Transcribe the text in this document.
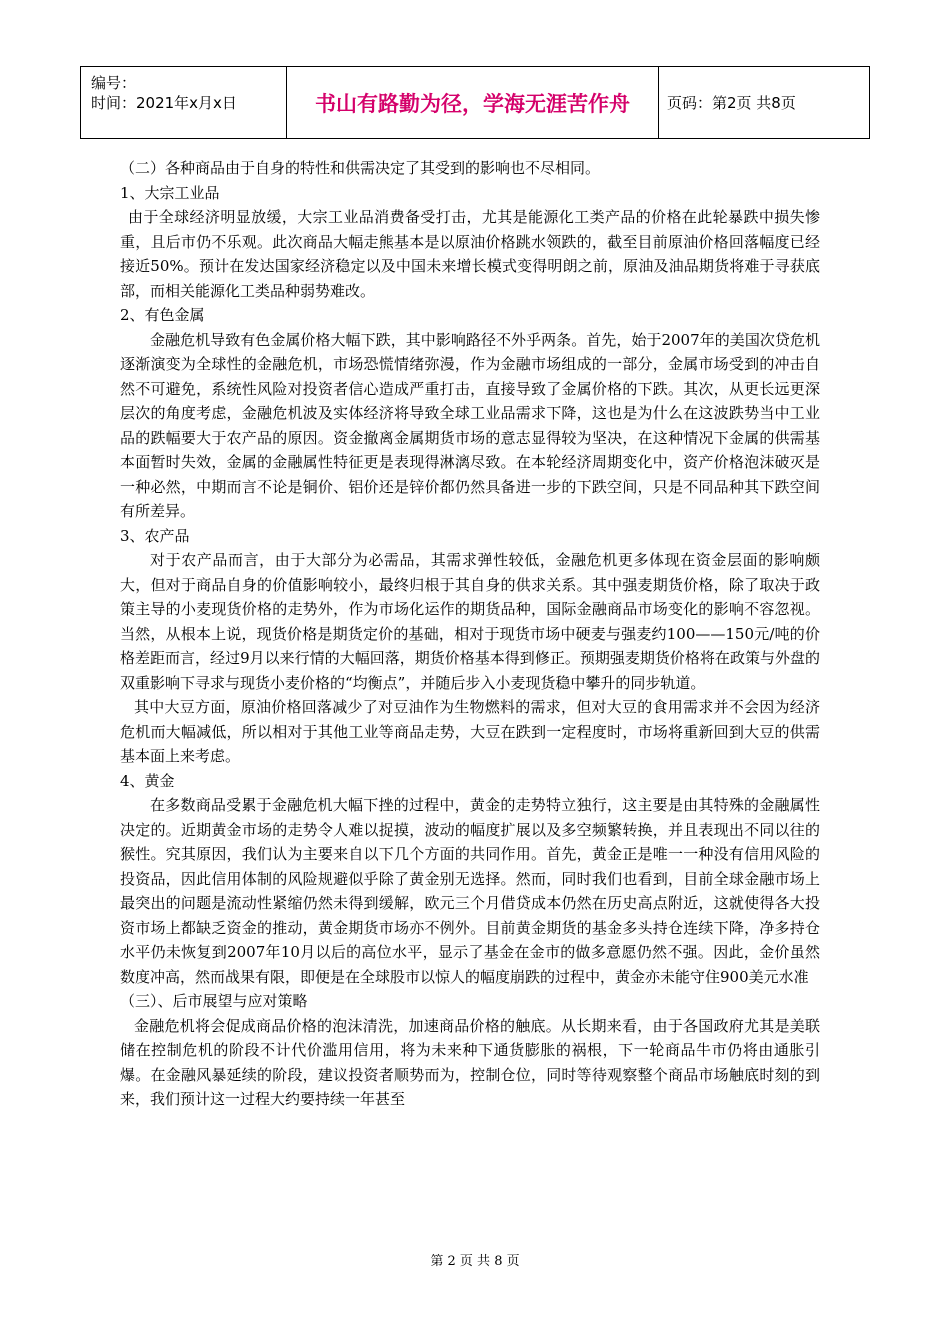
编号：
时间：2021年x月x日	书山有路勤为径，学海无涯苦作舟	页码：第2页 共8页

（二）各种商品由于自身的特性和供需决定了其受到的影响也不尽相同。

1、大宗工业品

由于全球经济明显放缓，大宗工业品消费备受打击，尤其是能源化工类产品的价格在此轮暴跌中损失惨重，且后市仍不乐观。此次商品大幅走熊基本是以原油价格跳水领跌的，截至目前原油价格回落幅度已经接近50%。预计在发达国家经济稳定以及中国未来增长模式变得明朗之前，原油及油品期货将难于寻获底部，而相关能源化工类品种弱势难改。

2、有色金属

金融危机导致有色金属价格大幅下跌，其中影响路径不外乎两条。首先，始于2007年的美国次贷危机逐渐演变为全球性的金融危机，市场恐慌情绪弥漫，作为金融市场组成的一部分，金属市场受到的冲击自然不可避免，系统性风险对投资者信心造成严重打击，直接导致了金属价格的下跌。其次，从更长远更深层次的角度考虑，金融危机波及实体经济将导致全球工业品需求下降，这也是为什么在这波跌势当中工业品的跌幅要大于农产品的原因。资金撤离金属期货市场的意志显得较为坚决，在这种情况下金属的供需基本面暂时失效，金属的金融属性特征更是表现得淋漓尽致。在本轮经济周期变化中，资产价格泡沫破灭是一种必然，中期而言不论是铜价、铝价还是锌价都仍然具备进一步的下跌空间，只是不同品种其下跌空间有所差异。

3、农产品

对于农产品而言，由于大部分为必需品，其需求弹性较低，金融危机更多体现在资金层面的影响颇大，但对于商品自身的价值影响较小，最终归根于其自身的供求关系。其中强麦期货价格，除了取决于政策主导的小麦现货价格的走势外，作为市场化运作的期货品种，国际金融商品市场变化的影响不容忽视。当然，从根本上说，现货价格是期货定价的基础，相对于现货市场中硬麦与强麦约100——150元/吨的价格差距而言，经过9月以来行情的大幅回落，期货价格基本得到修正。预期强麦期货价格将在政策与外盘的双重影响下寻求与现货小麦价格的“均衡点”，并随后步入小麦现货稳中攀升的同步轨道。

其中大豆方面，原油价格回落减少了对豆油作为生物燃料的需求，但对大豆的食用需求并不会因为经济危机而大幅减低，所以相对于其他工业等商品走势，大豆在跌到一定程度时，市场将重新回到大豆的供需基本面上来考虑。

4、黄金

在多数商品受累于金融危机大幅下挫的过程中，黄金的走势特立独行，这主要是由其特殊的金融属性决定的。近期黄金市场的走势令人难以捉摸，波动的幅度扩展以及多空频繁转换，并且表现出不同以往的猴性。究其原因，我们认为主要来自以下几个方面的共同作用。首先，黄金正是唯一一种没有信用风险的投资品，因此信用体制的风险规避似乎除了黄金别无选择。然而，同时我们也看到，目前全球金融市场上最突出的问题是流动性紧缩仍然未得到缓解，欧元三个月借贷成本仍然在历史高点附近，这就使得各大投资市场上都缺乏资金的推动，黄金期货市场亦不例外。目前黄金期货的基金多头持仓连续下降，净多持仓水平仍未恢复到2007年10月以后的高位水平，显示了基金在金市的做多意愿仍然不强。因此，金价虽然数度冲高，然而战果有限，即便是在全球股市以惊人的幅度崩跌的过程中，黄金亦未能守住900美元水准

（三）、后市展望与应对策略

金融危机将会促成商品价格的泡沫清洗，加速商品价格的触底。从长期来看，由于各国政府尤其是美联储在控制危机的阶段不计代价滥用信用，将为未来种下通货膨胀的祸根，下一轮商品牛市仍将由通胀引爆。在金融风暴延续的阶段，建议投资者顺势而为，控制仓位，同时等待观察整个商品市场触底时刻的到来，我们预计这一过程大约要持续一年甚至

第 2 页 共 8 页
